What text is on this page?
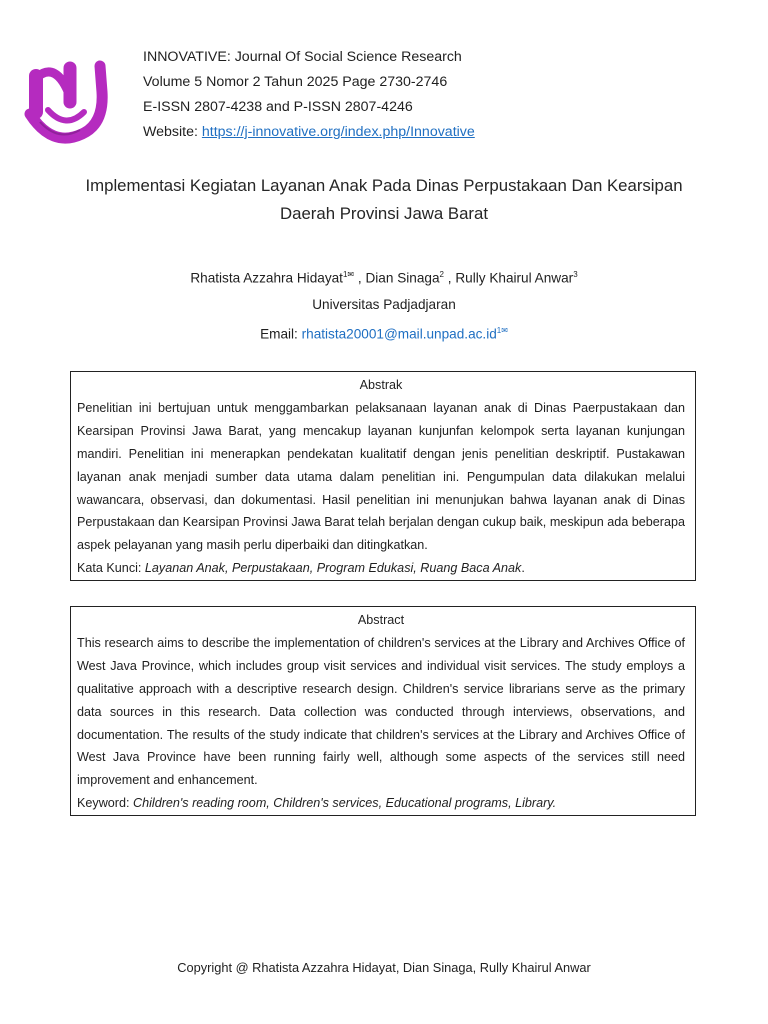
INNOVATIVE: Journal Of Social Science Research
Volume 5 Nomor 2 Tahun 2025 Page 2730-2746
E-ISSN 2807-4238 and P-ISSN 2807-4246
Website: https://j-innovative.org/index.php/Innovative
Implementasi Kegiatan Layanan Anak Pada Dinas Perpustakaan Dan Kearsipan
Daerah Provinsi Jawa Barat
Rhatista Azzahra Hidayat$^{1✉}$ , Dian Sinaga$^2$ , Rully Khairul Anwar$^3$
Universitas Padjadjaran
Email: $rhatista20001@mail.unpad.ac.id^{1✉}$
Abstrak
Penelitian ini bertujuan untuk menggambarkan pelaksanaan layanan anak di Dinas Paerpustakaan dan Kearsipan Provinsi Jawa Barat, yang mencakup layanan kunjunfan kelompok serta layanan kunjungan mandiri. Penelitian ini menerapkan pendekatan kualitatif dengan jenis penelitian deskriptif. Pustakawan layanan anak menjadi sumber data utama dalam penelitian ini. Pengumpulan data dilakukan melalui wawancara, observasi, dan dokumentasi. Hasil penelitian ini menunjukan bahwa layanan anak di Dinas Perpustakaan dan Kearsipan Provinsi Jawa Barat telah berjalan dengan cukup baik, meskipun ada beberapa aspek pelayanan yang masih perlu diperbaiki dan ditingkatkan.
Kata Kunci: Layanan Anak, Perpustakaan, Program Edukasi, Ruang Baca Anak.
Abstract
This research aims to describe the implementation of children's services at the Library and Archives Office of West Java Province, which includes group visit services and individual visit services. The study employs a qualitative approach with a descriptive research design. Children's service librarians serve as the primary data sources in this research. Data collection was conducted through interviews, observations, and documentation. The results of the study indicate that children's services at the Library and Archives Office of West Java Province have been running fairly well, although some aspects of the services still need improvement and enhancement.
Keyword: Children's reading room, Children's services, Educational programs, Library.
Copyright @ Rhatista Azzahra Hidayat, Dian Sinaga, Rully Khairul Anwar
